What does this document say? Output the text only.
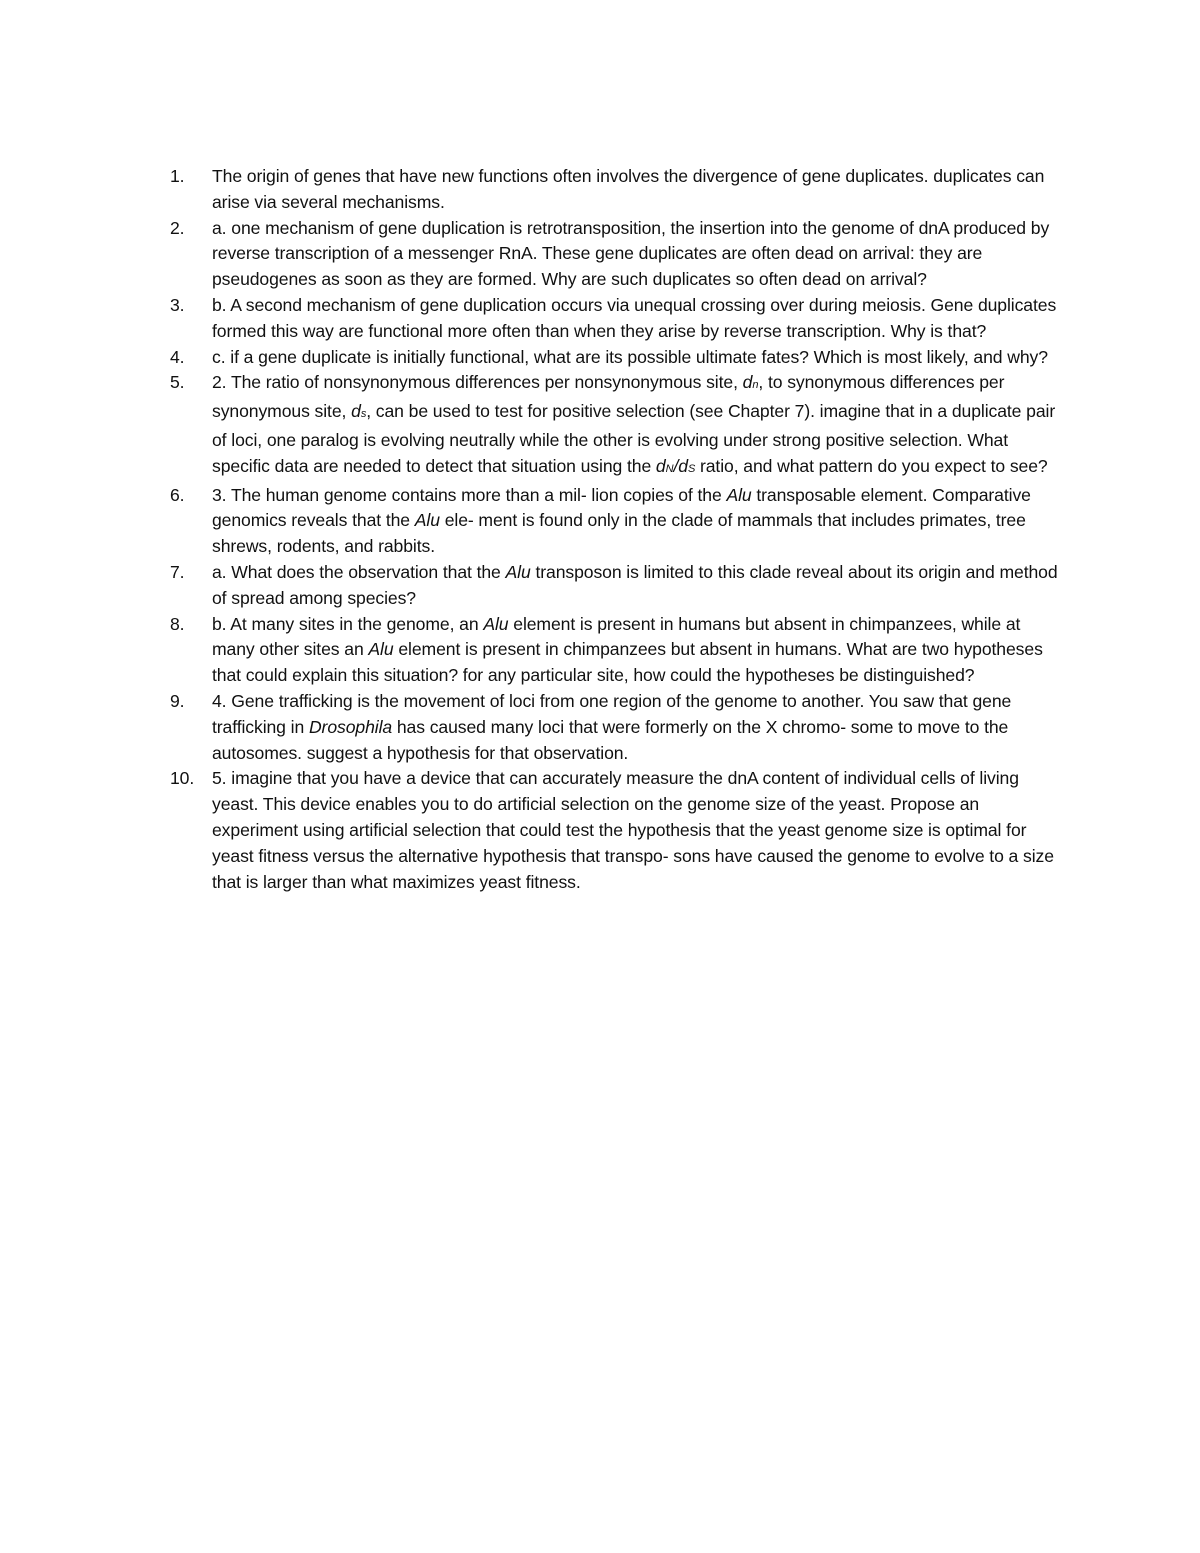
1.	The origin of genes that have new functions often involves the divergence of gene duplicates. duplicates can arise via several mechanisms.
2.	a. one mechanism of gene duplication is retrotransposition, the insertion into the genome of dnA produced by reverse transcription of a messenger RnA. These gene duplicates are often dead on arrival: they are pseudogenes as soon as they are formed. Why are such duplicates so often dead on arrival?
3.	b. A second mechanism of gene duplication occurs via unequal crossing over during meiosis. Gene duplicates formed this way are functional more often than when they arise by reverse transcription. Why is that?
4.	c. if a gene duplicate is initially functional, what are its possible ultimate fates? Which is most likely, and why?
5.	2. The ratio of nonsynonymous differences per nonsynonymous site, dn, to synonymous differences per synonymous site, ds, can be used to test for positive selection (see Chapter 7). imagine that in a duplicate pair of loci, one paralog is evolving neutrally while the other is evolving under strong positive selection. What specific data are needed to detect that situation using the dN/dS ratio, and what pattern do you expect to see?
6.	3. The human genome contains more than a mil- lion copies of the Alu transposable element. Comparative genomics reveals that the Alu ele- ment is found only in the clade of mammals that includes primates, tree shrews, rodents, and rabbits.
7.	a. What does the observation that the Alu transposon is limited to this clade reveal about its origin and method of spread among species?
8.	b. At many sites in the genome, an Alu element is present in humans but absent in chimpanzees, while at many other sites an Alu element is present in chimpanzees but absent in humans. What are two hypotheses that could explain this situation? for any particular site, how could the hypotheses be distinguished?
9.	4. Gene trafficking is the movement of loci from one region of the genome to another. You saw that gene trafficking in Drosophila has caused many loci that were formerly on the X chromo- some to move to the autosomes. suggest a hypothesis for that observation.
10.	5. imagine that you have a device that can accurately measure the dnA content of individual cells of living yeast. This device enables you to do artificial selection on the genome size of the yeast. Propose an experiment using artificial selection that could test the hypothesis that the yeast genome size is optimal for yeast fitness versus the alternative hypothesis that transpo- sons have caused the genome to evolve to a size that is larger than what maximizes yeast fitness.
